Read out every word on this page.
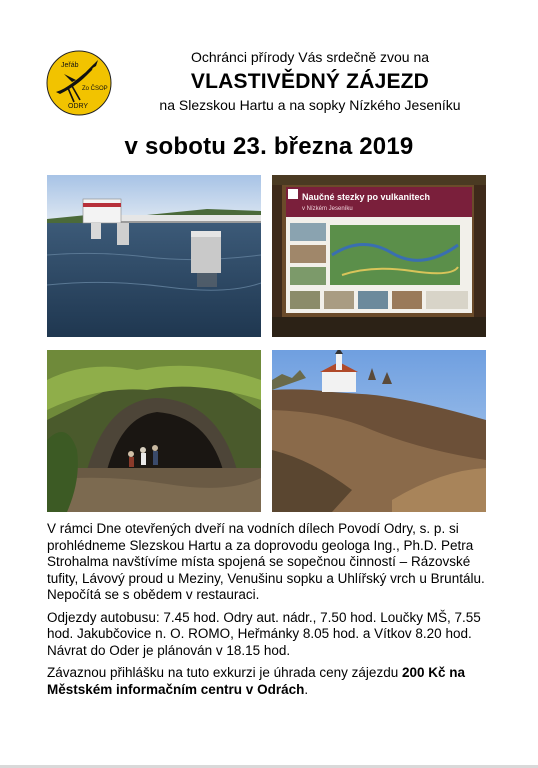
Jeřáb
Zo ČSOP
ODRY
Ochránci přírody Vás srdečně zvou na
VLASTIVĚDNÝ ZÁJEZD
na Slezskou Hartu a na sopky Nízkého Jeseníku
v sobotu 23. března 2019
Naučné stezky po vulkanitech
v Nízkém Jeseníku

V rámci Dne otevřených dveří na vodních dílech Povodí Odry, s. p. si prohlédneme Slezskou Hartu a za doprovodu geologa Ing., Ph.D. Petra Strohalma navštívíme místa spojená se sopečnou činností – Rázovské tufity, Lávový proud u Meziny, Venušinu sopku a Uhlířský vrch u Bruntálu. Nepočítá se s obědem v restauraci.

Odjezdy autobusu: 7.45 hod. Odry aut. nádr., 7.50 hod. Loučky MŠ, 7.55 hod. Jakubčovice n. O. ROMO, Heřmánky 8.05 hod. a Vítkov 8.20 hod. Návrat do Oder je plánován v 18.15 hod.

Závaznou přihlášku na tuto exkurzi je úhrada ceny zájezdu 200 Kč na Městském informačním centru v Odrách.
